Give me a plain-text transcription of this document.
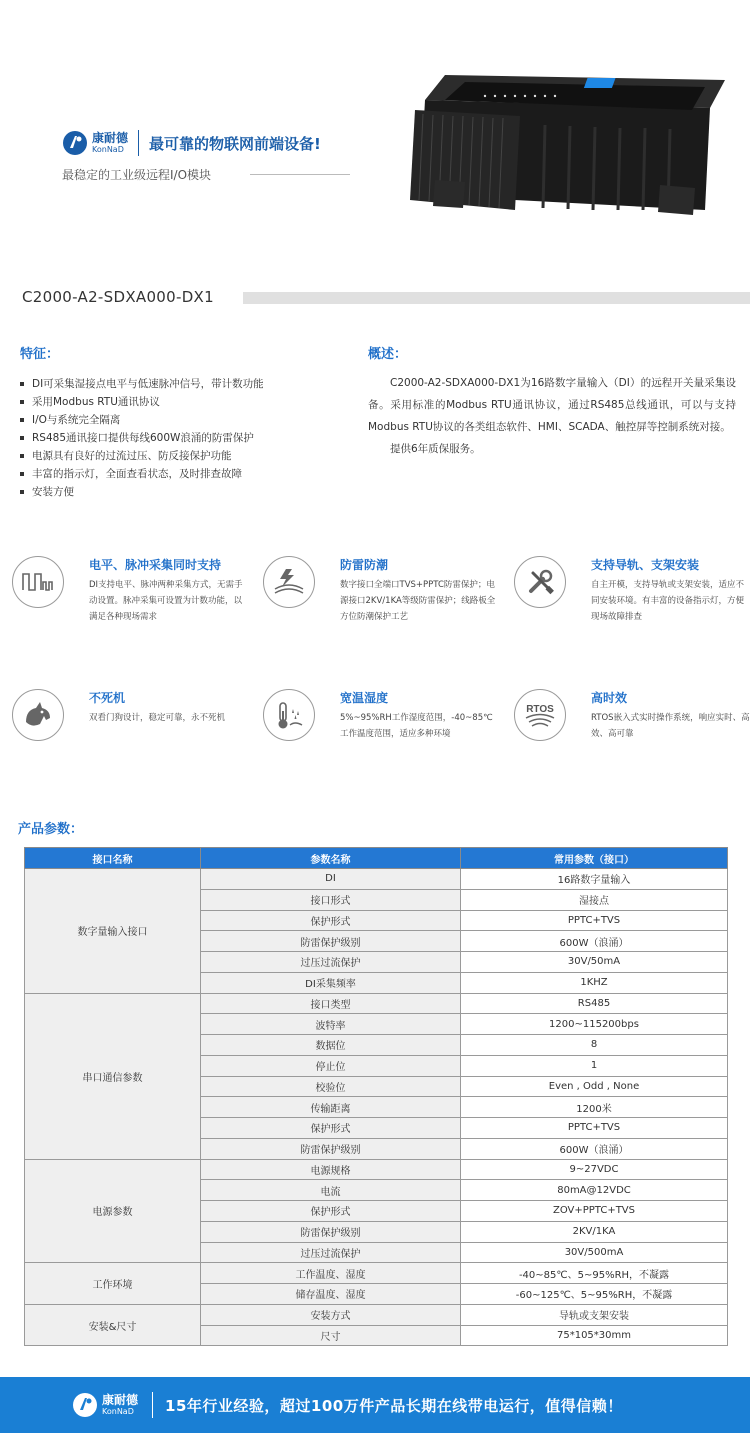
康耐德
KonNaD 最可靠的物联网前端设备!
最稳定的工业级远程I/O模块
C2000-A2-SDXA000-DX1
特征：
DI可采集湿接点电平与低速脉冲信号，带计数功能
采用Modbus RTU通讯协议
I/O与系统完全隔离
RS485通讯接口提供每线600W浪涌的防雷保护
电源具有良好的过流过压、防反接保护功能
丰富的指示灯，全面查看状态，及时排查故障
安装方便
概述：

C2000-A2-SDXA000-DX1为16路数字量输入（DI）的远程开关量采集设备。采用标准的Modbus RTU通讯协议，通过RS485总线通讯，可以与支持Modbus RTU协议的各类组态软件、HMI、SCADA、触控屏等控制系统对接。

提供6年质保服务。

电平、脉冲采集同时支持
DI支持电平、脉冲两种采集方式，无需手动设置。脉冲采集可设置为计数功能，以满足各种现场需求
防雷防潮
数字接口全端口TVS+PPTC防雷保护；电源接口2KV/1KA等级防雷保护；线路板全方位防潮保护工艺
支持导轨、支架安装
自主开模，支持导轨或支架安装，适应不同安装环境。有丰富的设备指示灯，方便现场故障排查
不死机
双看门狗设计，稳定可靠，永不死机
宽温湿度
5%~95%RH工作湿度范围，-40~85℃工作温度范围，适应多种环境
RTOS
高时效
RTOS嵌入式实时操作系统，响应实时、高效、高可靠
产品参数：
接口名称	参数名称	常用参数（接口）
数字量输入接口	DI	16路数字量输入
	接口形式	湿接点
	保护形式	PPTC+TVS
	防雷保护级别	600W（浪涌）
	过压过流保护	30V/50mA
	DI采集频率	1KHZ
串口通信参数	接口类型	RS485
	波特率	1200~115200bps
	数据位	8
	停止位	1
	校验位	Even , Odd , None
	传输距离	1200米
	保护形式	PPTC+TVS
	防雷保护级别	600W（浪涌）
电源参数	电源规格	9~27VDC
	电流	80mA@12VDC
	保护形式	ZOV+PPTC+TVS
	防雷保护级别	2KV/1KA
	过压过流保护	30V/500mA
工作环境	工作温度、湿度	-40~85℃、5~95%RH，不凝露
	储存温度、湿度	-60~125℃、5~95%RH，不凝露
安装&尺寸	安装方式	导轨或支架安装
	尺寸	75*105*30mm
康耐德
KonNaD 15年行业经验，超过100万件产品长期在线带电运行，值得信赖！
